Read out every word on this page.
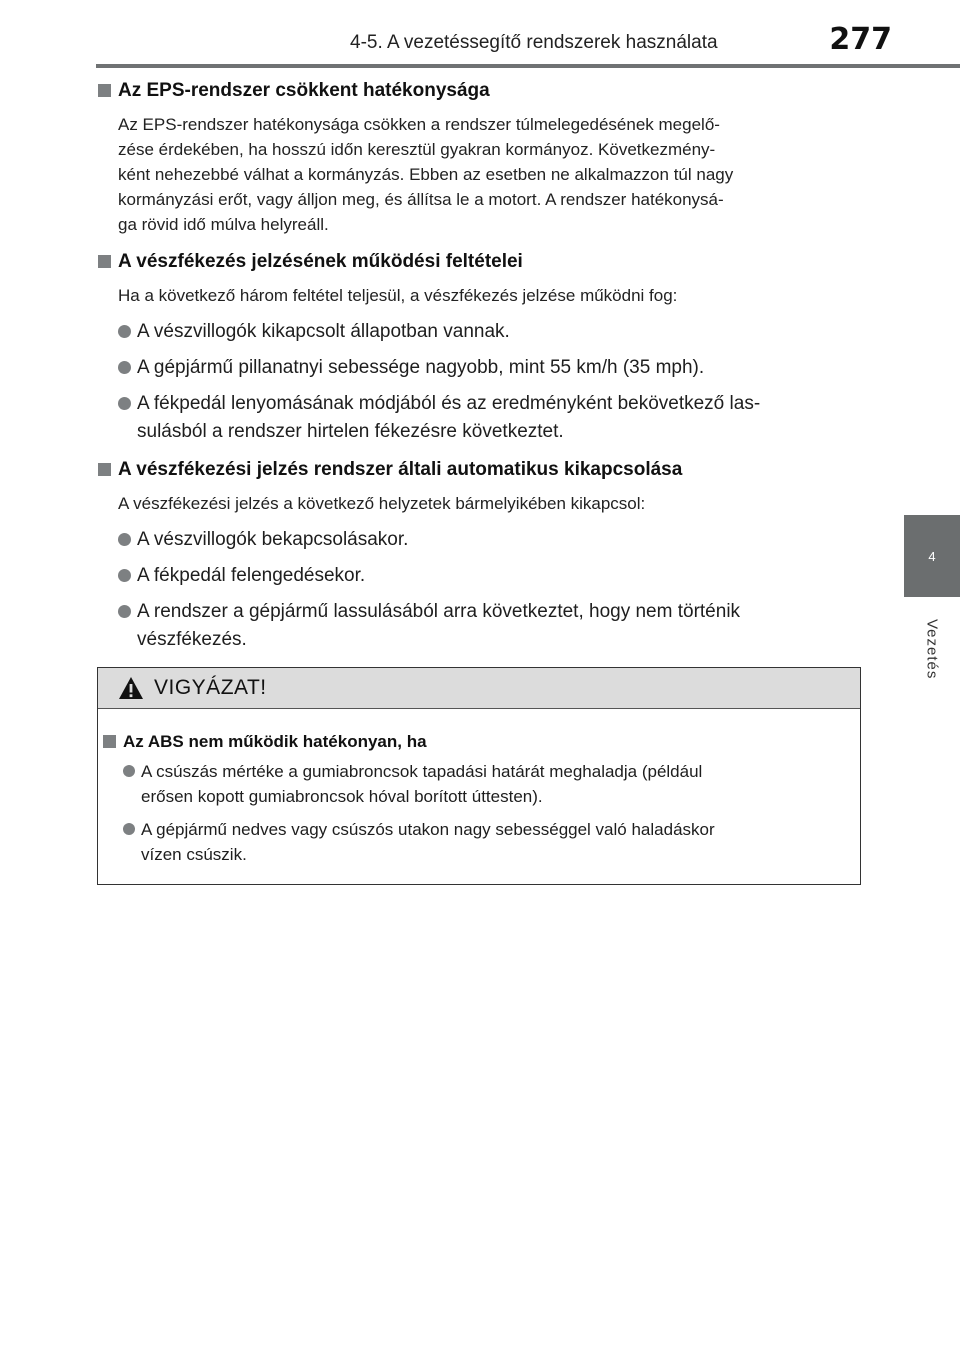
4-5. A vezetéssegítő rendszerek használata	277
4
Vezetés
Az EPS-rendszer csökkent hatékonysága
Az EPS-rendszer hatékonysága csökken a rendszer túlmelegedésének megelő-
zése érdekében, ha hosszú időn keresztül gyakran kormányoz. Következmény-
ként nehezebbé válhat a kormányzás. Ebben az esetben ne alkalmazzon túl nagy
kormányzási erőt, vagy álljon meg, és állítsa le a motort. A rendszer hatékonysá-
ga rövid idő múlva helyreáll.
A vészfékezés jelzésének működési feltételei
Ha a következő három feltétel teljesül, a vészfékezés jelzése működni fog:
A vészvillogók kikapcsolt állapotban vannak.
A gépjármű pillanatnyi sebessége nagyobb, mint 55 km/h (35 mph).
A fékpedál lenyomásának módjából és az eredményként bekövetkező las-
sulásból a rendszer hirtelen fékezésre következtet.
A vészfékezési jelzés rendszer általi automatikus kikapcsolása
A vészfékezési jelzés a következő helyzetek bármelyikében kikapcsol:
A vészvillogók bekapcsolásakor.
A fékpedál felengedésekor.
A rendszer a gépjármű lassulásából arra következtet, hogy nem történik
vészfékezés.
VIGYÁZAT!
Az ABS nem működik hatékonyan, ha
A csúszás mértéke a gumiabroncsok tapadási határát meghaladja (például
erősen kopott gumiabroncsok hóval borított úttesten).
A gépjármű nedves vagy csúszós utakon nagy sebességgel való haladáskor
vízen csúszik.
